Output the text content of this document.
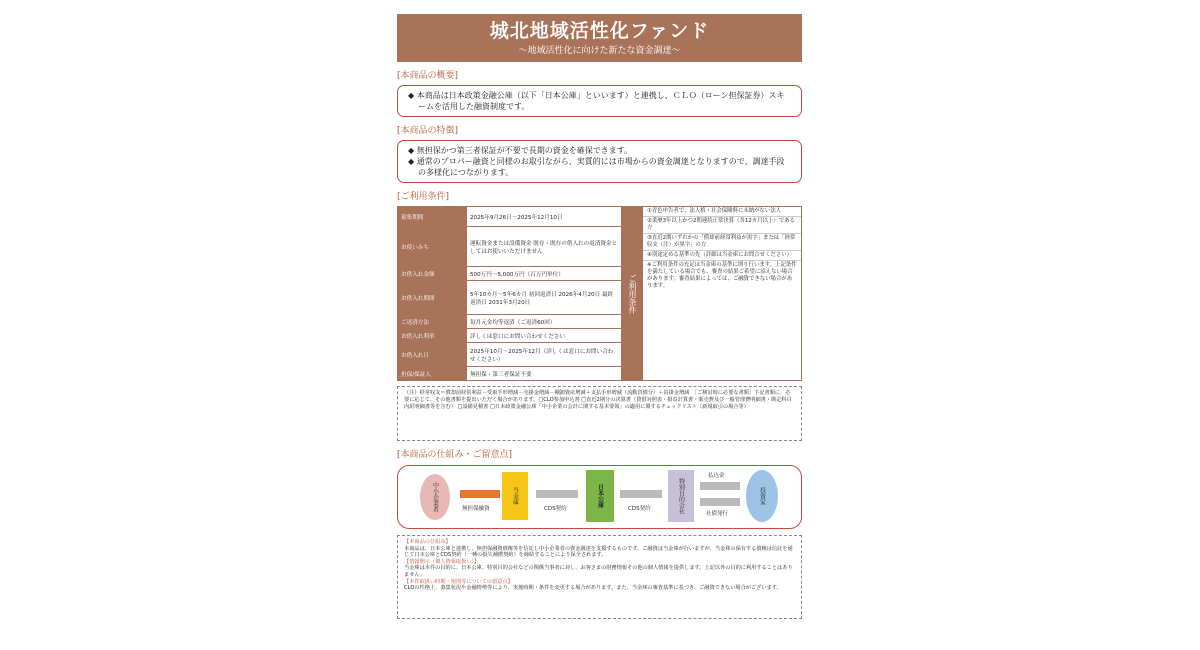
城北地域活性化ファンド
～地域活性化に向けた新たな資金調達～
[本商品の概要]

◆ 本商品は日本政策金融公庫（以下「日本公庫」といいます）と連携し、ＣＬＯ（ローン担保証券）スキームを活用した融資制度です。

[本商品の特徴]

◆ 無担保かつ第三者保証が不要で長期の資金を確保できます。

◆ 通常のプロパー融資と同様のお取引ながら、実質的には市場からの資金調達となりますので、調達手段の多様化につながります。

[ご利用条件]
募集期間	2025年9月26日～2025年12月10日
お使いみち	運転資金または設備資金 既存・既存の借入れの返済資金としてはお使いいただけません
お借入れ金額	500万円～5,000万円（百万円単位）
お借入れ期間	5年10カ月～5年6カ月 初回返済日 2026年4月20日 最終返済日 2031年3月20日
ご返済方法	毎月元金均等返済（ご返済60回）
お借入れ利率	詳しくは窓口にお問い合わせください
お借入れ日	2025年10月～2025年12月（詳しくは窓口にお問い合わせください）
担保/保証人	無担保・第三者保証不要
ご利用条件
①青色申告者で、法人格・社会保険料に未納がない法人
②業歴3年以上かつ2期連続正常決算（各12カ月以上）である方
③直近2期いずれかの「償却前経常利益が黒字」または「経常収支（注）が黒字」の方
④別途定める基準の先（詳細は当金庫にお問合せください）
※ご利用条件の充足は当金庫の基準に則り行います。上記条件を満たしている場合でも、審査の結果ご希望に添えない場合があります。審査結果によっては、ご融資できない場合があります。
（注）経常収支＝償却前経常利益－受取手形増減－売掛金増減－棚卸資産増減＋支払手形増減（流動負債分）＋買掛金増減　［ご検討時に必要な書類］下記書類に、必要に応じて、その他書類を提出いただく場合があります。□CLO参加申込書 □直近2期分の決算書（貸借対照表・損益計算書・販売費及び一般管理費明細書・勘定科目内訳明細書等を含む） □設備見積書 □日本政策金融公庫「中小企業の会計に関する基本要領」の適用に関するチェックリスト（新規取引の場合等）
[本商品の仕組み・ご留意点]
中小企業者	無担保融資
当金庫
CDS契約
日本公庫
CDS契約	特別目的会社
払込金
社債発行
投資家
【本商品の仕組み】
本商品は、日本公庫と連携し、無担保融資債権等を信託し中小企業者の資金調達を支援するものです。ご融資は当金庫が行いますが、当金庫の保有する債権は信託を通じて日本公庫とCDS契約（一種の損失補償契約）を締結することにより保全されます。
【情報開示（個人情報取扱い）】
当金庫は本件の目的に、日本公庫、特別目的会社などの関係当事者に対し、お客さまの財務情報その他の個人情報を提供します。上記以外の目的に利用することはありません。
【本件取扱い時期・規則等についての留意点】
CLOの性格上、募集状況や金融情勢等により、実施時期・条件を変更する場合があります。また、当金庫の審査基準に基づき、ご融資できない場合がございます。
